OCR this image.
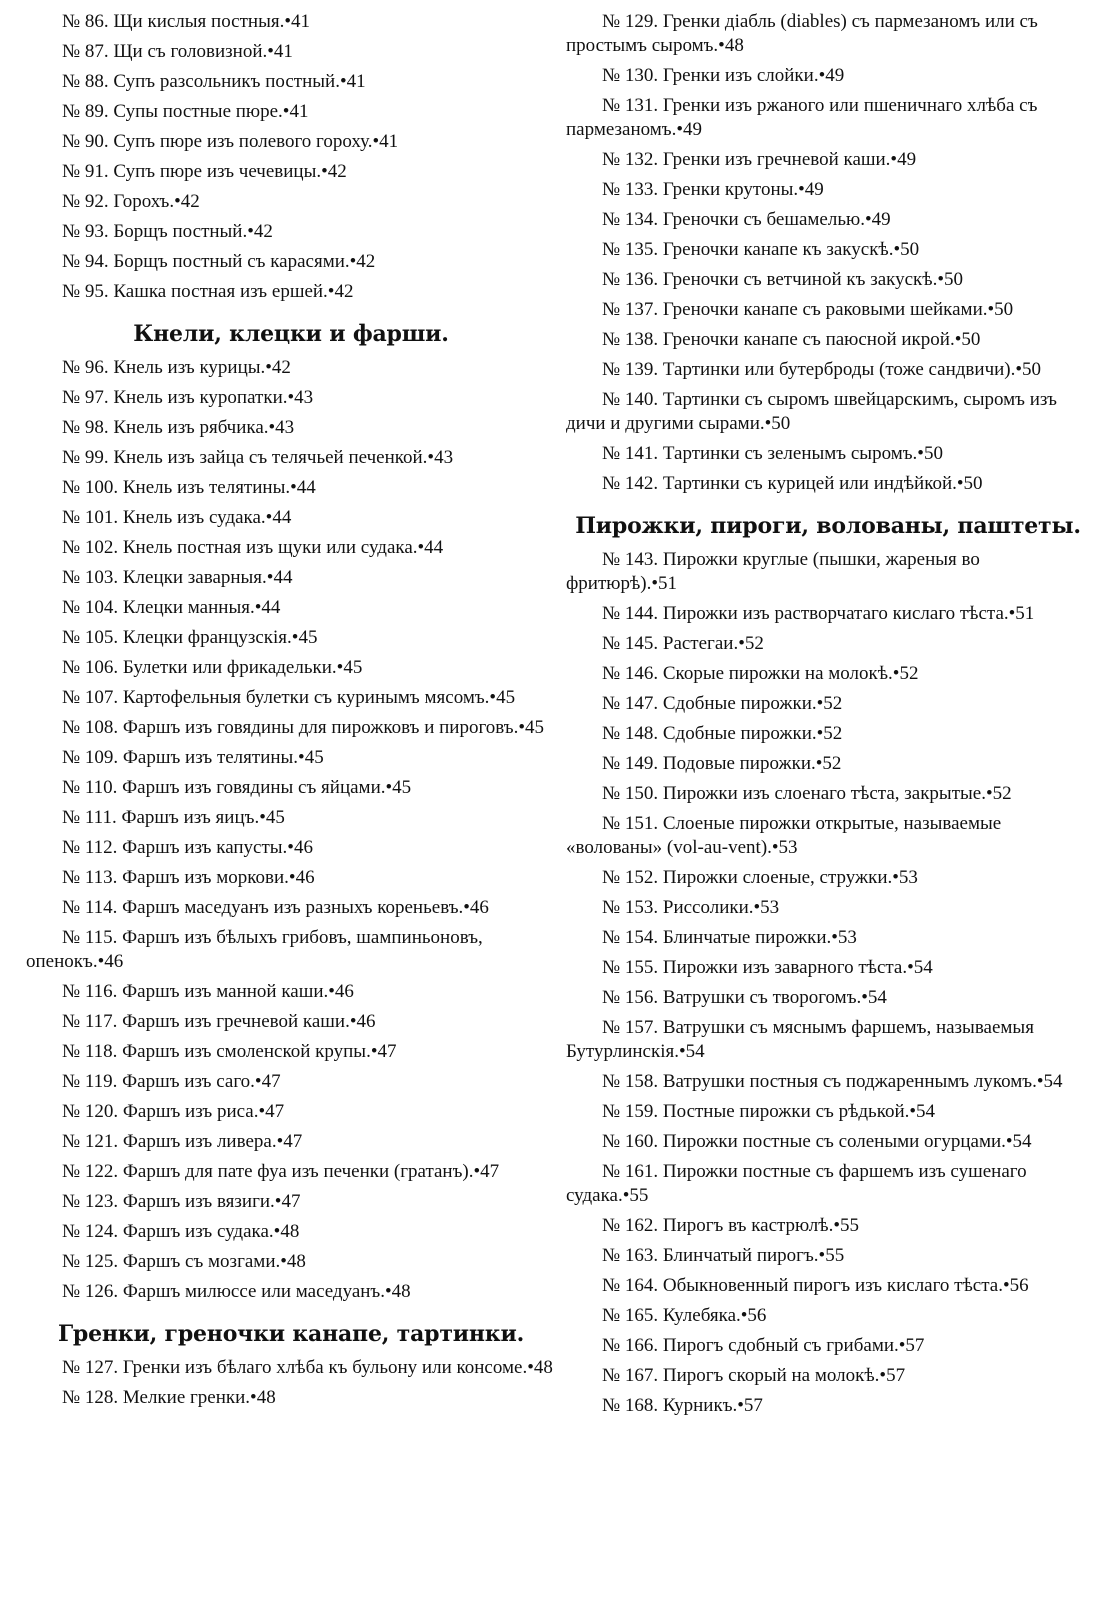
№ 86. Щи кислыя постныя.•41
№ 87. Щи съ головизной.•41
№ 88. Супъ разсольникъ постный.•41
№ 89. Супы постные пюре.•41
№ 90. Супъ пюре изъ полевого гороху.•41
№ 91. Супъ пюре изъ чечевицы.•42
№ 92. Горохъ.•42
№ 93. Борщъ постный.•42
№ 94. Борщъ постный съ карасями.•42
№ 95. Кашка постная изъ ершей.•42
Кнели, клецки и фарши.
№ 96. Кнель изъ курицы.•42
№ 97. Кнель изъ куропатки.•43
№ 98. Кнель изъ рябчика.•43
№ 99. Кнель изъ зайца съ телячьей печенкой.•43
№ 100. Кнель изъ телятины.•44
№ 101. Кнель изъ судака.•44
№ 102. Кнель постная изъ щуки или судака.•44
№ 103. Клецки заварныя.•44
№ 104. Клецки манныя.•44
№ 105. Клецки французскія.•45
№ 106. Булетки или фрикадельки.•45
№ 107. Картофельныя булетки съ куринымъ мясомъ.•45
№ 108. Фаршъ изъ говядины для пирожковъ и пироговъ.•45
№ 109. Фаршъ изъ телятины.•45
№ 110. Фаршъ изъ говядины съ яйцами.•45
№ 111. Фаршъ изъ яицъ.•45
№ 112. Фаршъ изъ капусты.•46
№ 113. Фаршъ изъ моркови.•46
№ 114. Фаршъ маседуанъ изъ разныхъ кореньевъ.•46
№ 115. Фаршъ изъ бѣлыхъ грибовъ, шампиньоновъ, опенокъ.•46
№ 116. Фаршъ изъ манной каши.•46
№ 117. Фаршъ изъ гречневой каши.•46
№ 118. Фаршъ изъ смоленской крупы.•47
№ 119. Фаршъ изъ саго.•47
№ 120. Фаршъ изъ риса.•47
№ 121. Фаршъ изъ ливера.•47
№ 122. Фаршъ для пате фуа изъ печенки (гратанъ).•47
№ 123. Фаршъ изъ вязиги.•47
№ 124. Фаршъ изъ судака.•48
№ 125. Фаршъ съ мозгами.•48
№ 126. Фаршъ милюссе или маседуанъ.•48
Гренки, греночки канапе, тартинки.
№ 127. Гренки изъ бѣлаго хлѣба къ бульону или консоме.•48
№ 128. Мелкие гренки.•48
№ 129. Гренки діабль (diables) съ пармезаномъ или съ простымъ сыромъ.•48
№ 130. Гренки изъ слойки.•49
№ 131. Гренки изъ ржаного или пшеничнаго хлѣба съ пармезаномъ.•49
№ 132. Гренки изъ гречневой каши.•49
№ 133. Гренки крутоны.•49
№ 134. Греночки съ бешамелью.•49
№ 135. Греночки канапе къ закускѣ.•50
№ 136. Греночки съ ветчиной къ закускѣ.•50
№ 137. Греночки канапе съ раковыми шейками.•50
№ 138. Греночки канапе съ паюсной икрой.•50
№ 139. Тартинки или бутерброды (тоже сандвичи).•50
№ 140. Тартинки съ сыромъ швейцарскимъ, сыромъ изъ дичи и другими сырами.•50
№ 141. Тартинки съ зеленымъ сыромъ.•50
№ 142. Тартинки съ курицей или индѣйкой.•50
Пирожки, пироги, волованы, паштеты.
№ 143. Пирожки круглые (пышки, жареныя во фритюрѣ).•51
№ 144. Пирожки изъ растворчатаго кислаго тѣста.•51
№ 145. Растегаи.•52
№ 146. Скорые пирожки на молокѣ.•52
№ 147. Сдобные пирожки.•52
№ 148. Сдобные пирожки.•52
№ 149. Подовые пирожки.•52
№ 150. Пирожки изъ слоенаго тѣста, закрытые.•52
№ 151. Слоеные пирожки открытые, называемые «волованы» (vol-au-vent).•53
№ 152. Пирожки слоеные, стружки.•53
№ 153. Риссолики.•53
№ 154. Блинчатые пирожки.•53
№ 155. Пирожки изъ заварного тѣста.•54
№ 156. Ватрушки съ творогомъ.•54
№ 157. Ватрушки съ мяснымъ фаршемъ, называемыя Бутурлинскія.•54
№ 158. Ватрушки постныя съ поджареннымъ лукомъ.•54
№ 159. Постные пирожки съ рѣдькой.•54
№ 160. Пирожки постные съ солеными огурцами.•54
№ 161. Пирожки постные съ фаршемъ изъ сушенаго судака.•55
№ 162. Пирогъ въ кастрюлѣ.•55
№ 163. Блинчатый пирогъ.•55
№ 164. Обыкновенный пирогъ изъ кислаго тѣста.•56
№ 165. Кулебяка.•56
№ 166. Пирогъ сдобный съ грибами.•57
№ 167. Пирогъ скорый на молокѣ.•57
№ 168. Курникъ.•57
